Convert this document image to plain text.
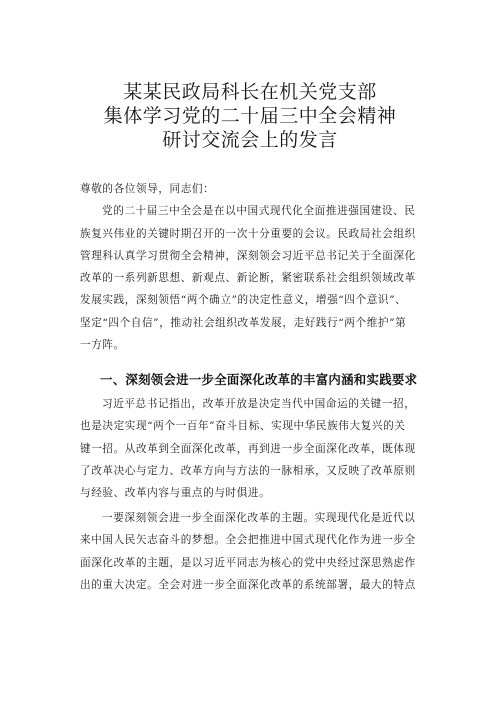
某某民政局科长在机关党支部
集体学习党的二十届三中全会精神
研讨交流会上的发言
尊敬的各位领导，同志们：
党的二十届三中全会是在以中国式现代化全面推进强国建设、民
族复兴伟业的关键时期召开的一次十分重要的会议。民政局社会组织
管理科认真学习贯彻全会精神，深刻领会习近平总书记关于全面深化
改革的一系列新思想、新观点、新论断，紧密联系社会组织领域改革
发展实践，深刻领悟“两个确立”的决定性意义，增强“四个意识”、
坚定“四个自信”，推动社会组织改革发展，走好践行“两个维护”第
一方阵。
一、深刻领会进一步全面深化改革的丰富内涵和实践要求
习近平总书记指出，改革开放是决定当代中国命运的关键一招，
也是决定实现“两个一百年”奋斗目标、实现中华民族伟大复兴的关
键一招。从改革到全面深化改革，再到进一步全面深化改革，既体现
了改革决心与定力、改革方向与方法的一脉相承，又反映了改革原则
与经验、改革内容与重点的与时俱进。
一要深刻领会进一步全面深化改革的主题。实现现代化是近代以
来中国人民矢志奋斗的梦想。全会把推进中国式现代化作为进一步全
面深化改革的主题，是以习近平同志为核心的党中央经过深思熟虑作
出的重大决定。全会对进一步全面深化改革的系统部署，最大的特点
